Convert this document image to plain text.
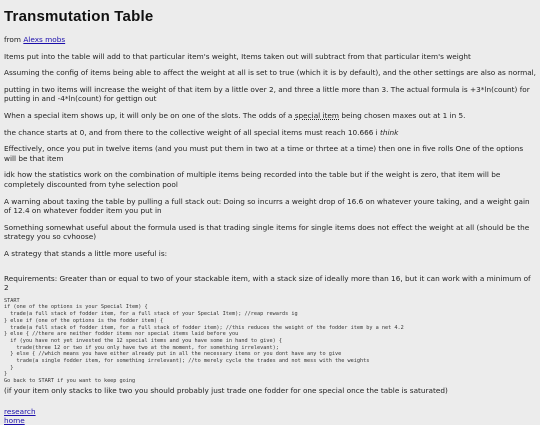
Transmutation Table
from Alexs mobs
Items put into the table will add to that particular item's weight, Items taken out will subtract from that particular item's weight
Assuming the config of items being able to affect the weight at all is set to true (which it is by default), and the other settings are also as normal,
putting in two items will increase the weight of that item by a little over 2, and three a little more than 3. The actual formula is +3*ln(count) for putting in and -4*ln(count) for gettign out
When a special item shows up, it will only be on one of the slots. The odds of a special item being chosen maxes out at 1 in 5.
the chance starts at 0, and from there to the collective weight of all special items must reach 10.666 i think
Effectively, once you put in twelve items (and you must put them in two at a time or thrtee at a time) then one in five rolls One of the options will be that item
idk how the statistics work on the combination of multiple items being recorded into the table but if the weight is zero, that item will be completely discounted from tyhe selection pool
A warning about taxing the table by pulling a full stack out: Doing so incurrs a weight drop of 16.6 on whatever youre taking, and a weight gain of 12.4 on whatever fodder item you put in
Something somewhat useful about the formula used is that trading single items for single items does not effect the weight at all (should be the strategy you so cvhoose)
A strategy that stands a little more useful is:
Requirements: Greater than or equal to two of your stackable item, with a stack size of ideally more than 16, but it can work with a minimum of 2
START
if (one of the options is your Special Item) {
trade(a full stack of fodder item, for a full stack of your Special Item); //reap rewards ig
} else if (one of the options is the fodder item) {
trade(a full stack of fodder item, for a full stack of fodder item); //this reduces the weight of the fodder item by a net 4.2
} else { //there are neither fodder items nor special items laid before you
if (you have not yet invested the 12 special items and you have some in hand to give) {
trade(three 12 or two if you only have two at the moment, for something irrelevant);
} else { //which means you have either already put in all the necessary items or you dont have any to give
trade(a single fodder item, for something irrelevant); //to merely cycle the trades and not mess with the weights
}
}
Go back to START if you want to keep going
(if your item only stacks to like two you should probably just trade one fodder for one special once the table is saturated)
research
home
